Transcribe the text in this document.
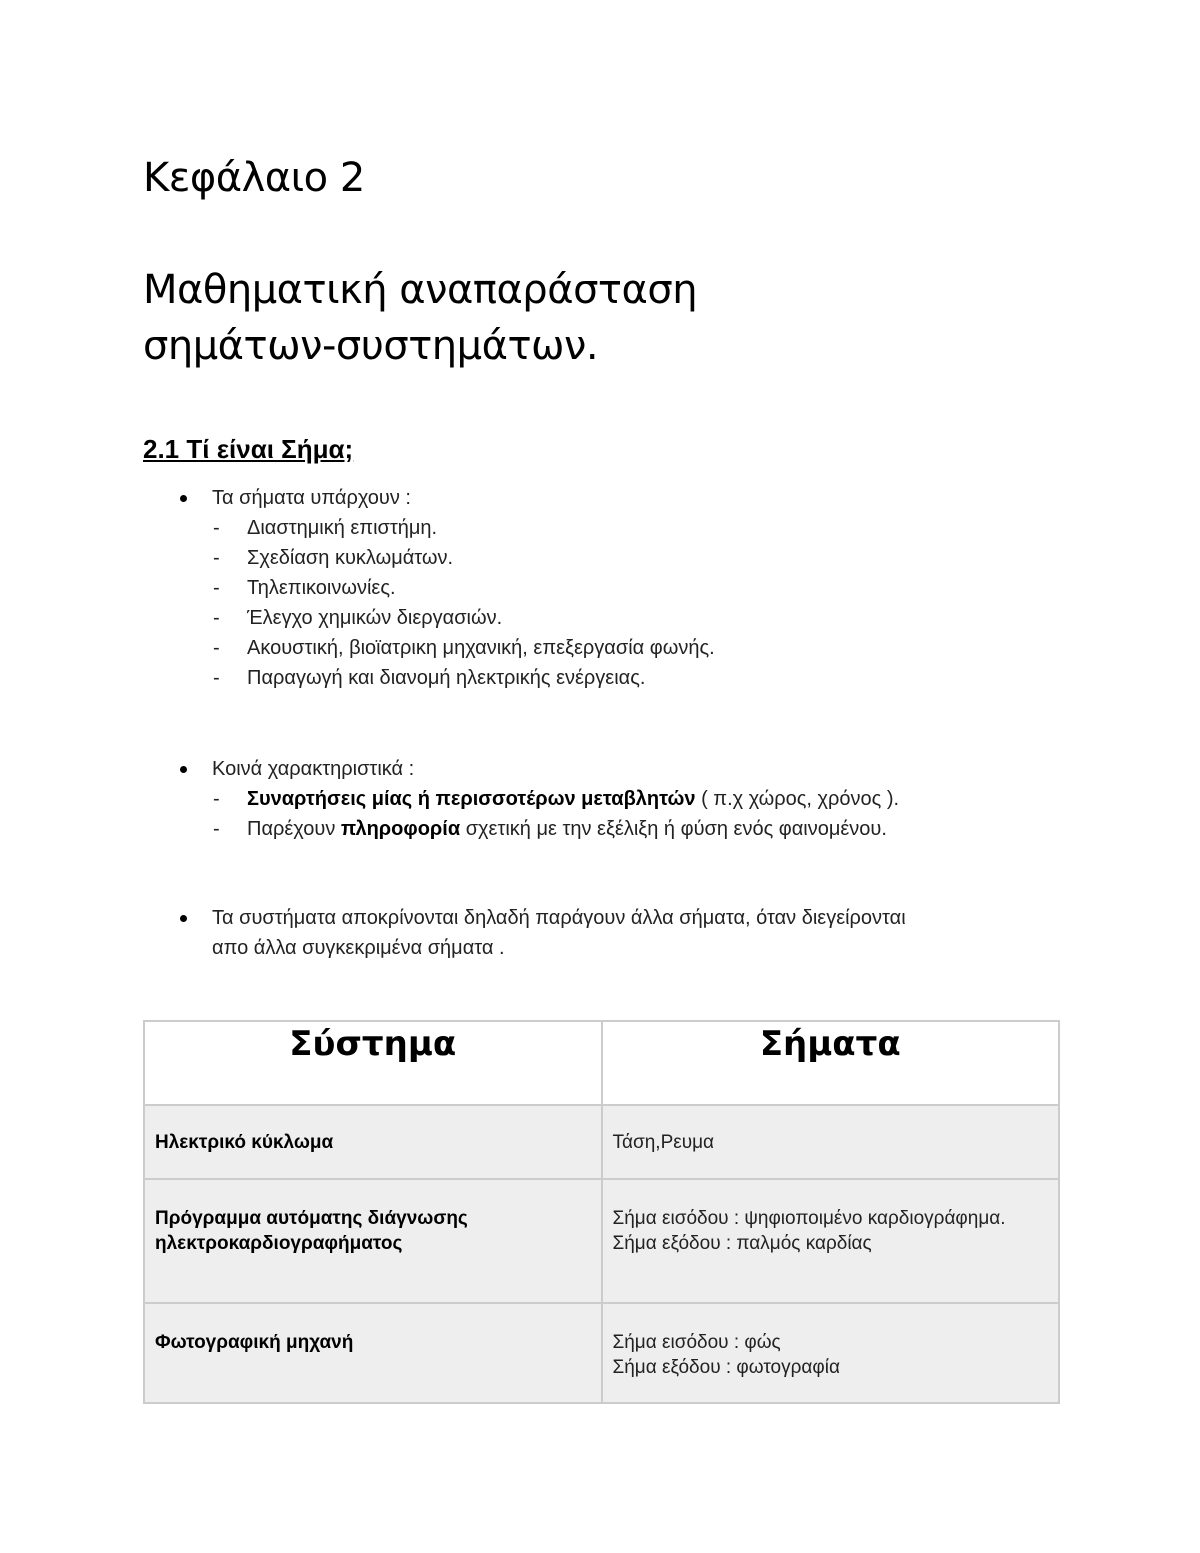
Κεφάλαιο 2
Μαθηματική αναπαράσταση
σημάτων-συστημάτων.
2.1 Τί είναι Σήμα;
Τα σήματα υπάρχουν :
- Διαστημική επιστήμη.
- Σχεδίαση κυκλωμάτων.
- Τηλεπικοινωνίες.
- Έλεγχο χημικών διεργασιών.
- Ακουστική, βιοϊατρικη μηχανική, επεξεργασία φωνής.
- Παραγωγή και διανομή ηλεκτρικής ενέργειας.
Κοινά χαρακτηριστικά :
- Συναρτήσεις μίας ή περισσοτέρων μεταβλητών ( π.χ χώρος, χρόνος ).
- Παρέχουν πληροφορία σχετική με την εξέλιξη ή φύση ενός φαινομένου.
Τα συστήματα αποκρίνονται δηλαδή παράγουν άλλα σήματα, όταν διεγείρονται
απο άλλα συγκεκριμένα σήματα .
Σύστημα	Σήματα
Ηλεκτρικό κύκλωμα	Τάση,Ρευμα

Πρόγραμμα αυτόματης διάγνωσης ηλεκτροκαρδιογραφήματος	Σήμα εισόδου : ψηφιοποιμένο καρδιογράφημα.
Σήμα εξόδου : παλμός καρδίας

Φωτογραφική μηχανή	Σήμα εισόδου : φώς
Σήμα εξόδου : φωτογραφία
